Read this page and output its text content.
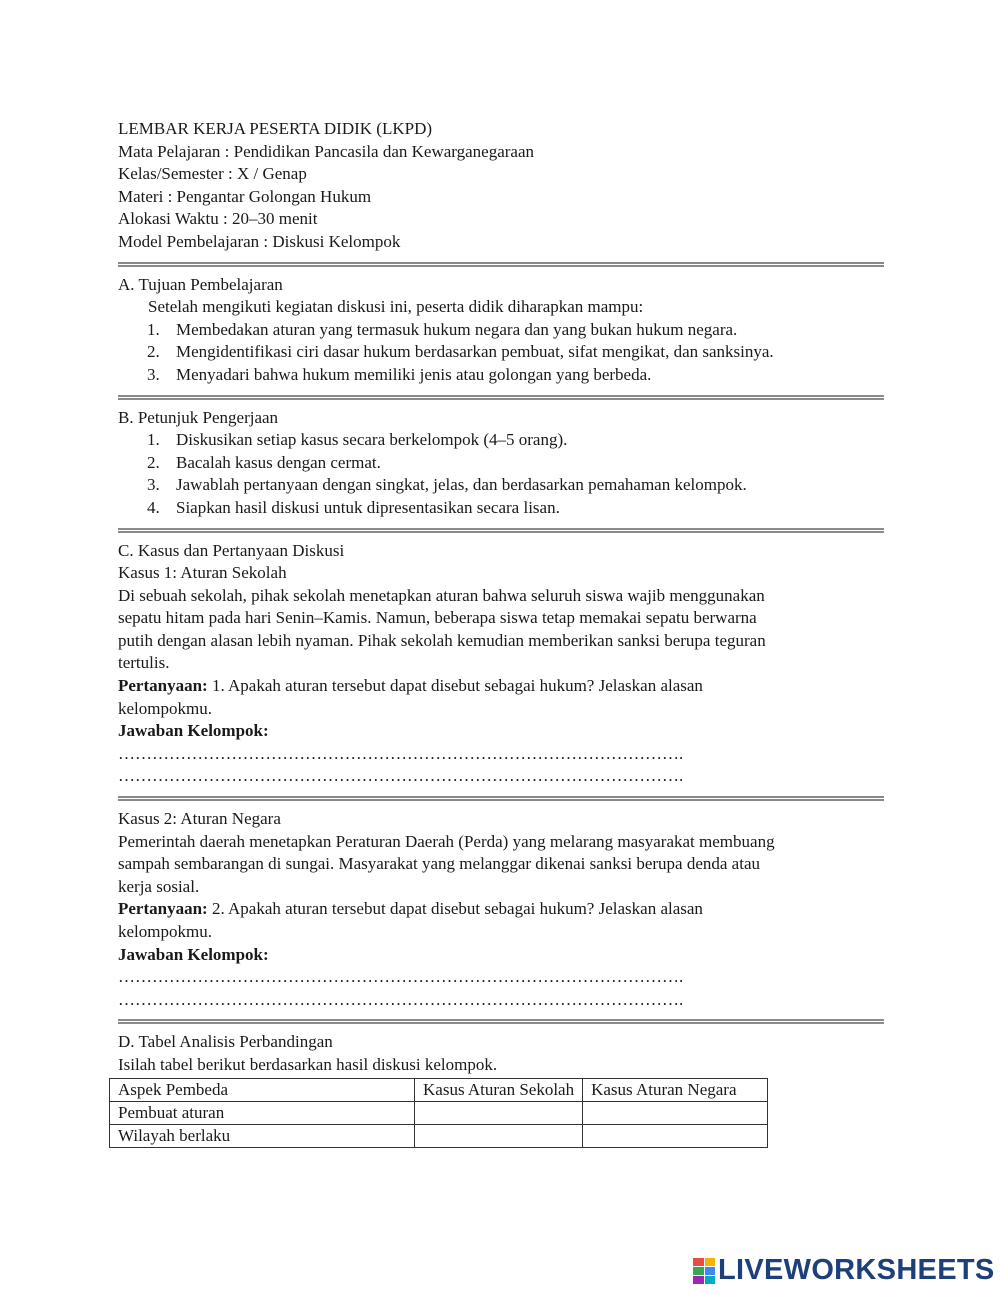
LEMBAR KERJA PESERTA DIDIK (LKPD)
Mata Pelajaran : Pendidikan Pancasila dan Kewarganegaraan
Kelas/Semester : X / Genap
Materi : Pengantar Golongan Hukum
Alokasi Waktu : 20–30 menit
Model Pembelajaran : Diskusi Kelompok
A. Tujuan Pembelajaran
Setelah mengikuti kegiatan diskusi ini, peserta didik diharapkan mampu:
1. Membedakan aturan yang termasuk hukum negara dan yang bukan hukum negara.
2. Mengidentifikasi ciri dasar hukum berdasarkan pembuat, sifat mengikat, dan sanksinya.
3. Menyadari bahwa hukum memiliki jenis atau golongan yang berbeda.
B. Petunjuk Pengerjaan
1. Diskusikan setiap kasus secara berkelompok (4–5 orang).
2. Bacalah kasus dengan cermat.
3. Jawablah pertanyaan dengan singkat, jelas, dan berdasarkan pemahaman kelompok.
4. Siapkan hasil diskusi untuk dipresentasikan secara lisan.
C. Kasus dan Pertanyaan Diskusi
Kasus 1: Aturan Sekolah
Di sebuah sekolah, pihak sekolah menetapkan aturan bahwa seluruh siswa wajib menggunakan
sepatu hitam pada hari Senin–Kamis. Namun, beberapa siswa tetap memakai sepatu berwarna
putih dengan alasan lebih nyaman. Pihak sekolah kemudian memberikan sanksi berupa teguran
tertulis.
Pertanyaan: 1. Apakah aturan tersebut dapat disebut sebagai hukum? Jelaskan alasan
kelompokmu.
Jawaban Kelompok:
……………………………………………………………………………………….
……………………………………………………………………………………….
Kasus 2: Aturan Negara
Pemerintah daerah menetapkan Peraturan Daerah (Perda) yang melarang masyarakat membuang
sampah sembarangan di sungai. Masyarakat yang melanggar dikenai sanksi berupa denda atau
kerja sosial.
Pertanyaan: 2. Apakah aturan tersebut dapat disebut sebagai hukum? Jelaskan alasan
kelompokmu.
Jawaban Kelompok:
……………………………………………………………………………………….
……………………………………………………………………………………….
D. Tabel Analisis Perbandingan
Isilah tabel berikut berdasarkan hasil diskusi kelompok.
Aspek Pembeda	Kasus Aturan Sekolah	Kasus Aturan Negara
Pembuat aturan		
Wilayah berlaku		
LIVEWORKSHEETS
